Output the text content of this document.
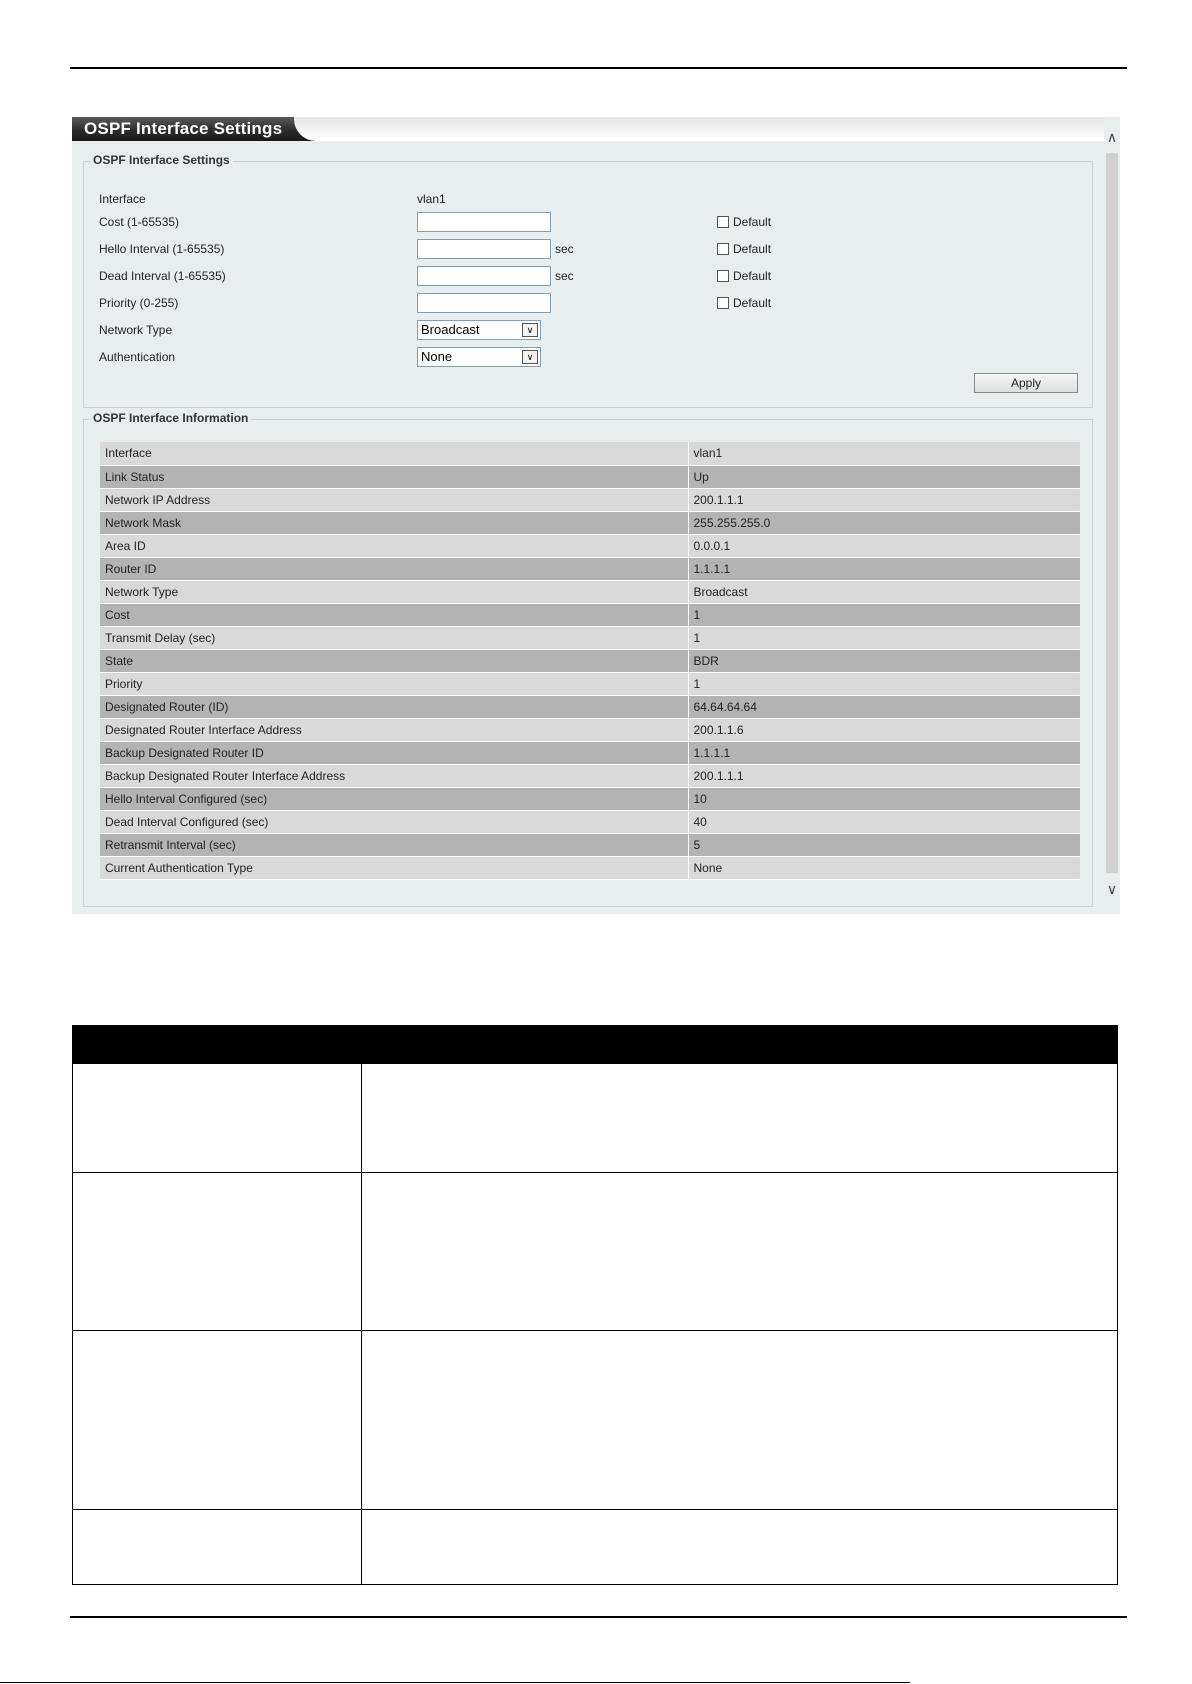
OSPF Interface Settings	∧
∨
OSPF Interface Settings
Interface	vlan1
Cost (1-65535)	Default
Hello Interval (1-65535)	sec	Default
Dead Interval (1-65535)	sec	Default
Priority (0-255)	Default
Network Type	Broadcast	∨
Authentication	None	∨
Apply
OSPF Interface Information
Interface	vlan1
Link Status	Up
Network IP Address	200.1.1.1
Network Mask	255.255.255.0
Area ID	0.0.0.1
Router ID	1.1.1.1
Network Type	Broadcast
Cost	1
Transmit Delay (sec)	1
State	BDR
Priority	1
Designated Router (ID)	64.64.64.64
Designated Router Interface Address	200.1.1.6
Backup Designated Router ID	1.1.1.1
Backup Designated Router Interface Address	200.1.1.1
Hello Interval Configured (sec)	10
Dead Interval Configured (sec)	40
Retransmit Interval (sec)	5
Current Authentication Type	None
